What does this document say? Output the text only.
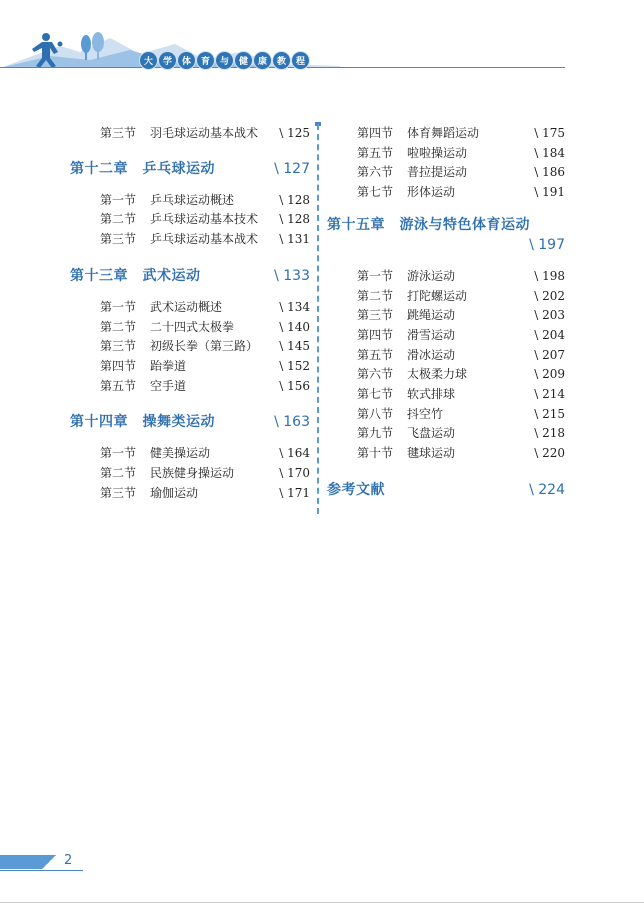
大	学	体	育	与	健	康	教	程
第三节	羽毛球运动基本战术	\ 125
第十二章　乒乓球运动	\ 127
第一节	乒乓球运动概述	\ 128
第二节	乒乓球运动基本技术	\ 128
第三节	乒乓球运动基本战术	\ 131
第十三章　武术运动	\ 133
第一节	武术运动概述	\ 134
第二节	二十四式太极拳	\ 140
第三节	初级长拳（第三路）	\ 145
第四节	跆拳道	\ 152
第五节	空手道	\ 156
第十四章　操舞类运动	\ 163
第一节	健美操运动	\ 164
第二节	民族健身操运动	\ 170
第三节	瑜伽运动	\ 171
第四节	体育舞蹈运动	\ 175
第五节	啦啦操运动	\ 184
第六节	普拉提运动	\ 186
第七节	形体运动	\ 191
第十五章　游泳与特色体育运动
\ 197
第一节	游泳运动	\ 198
第二节	打陀螺运动	\ 202
第三节	跳绳运动	\ 203
第四节	滑雪运动	\ 204
第五节	滑冰运动	\ 207
第六节	太极柔力球	\ 209
第七节	软式排球	\ 214
第八节	抖空竹	\ 215
第九节	飞盘运动	\ 218
第十节	毽球运动	\ 220
参考文献	\ 224
2
